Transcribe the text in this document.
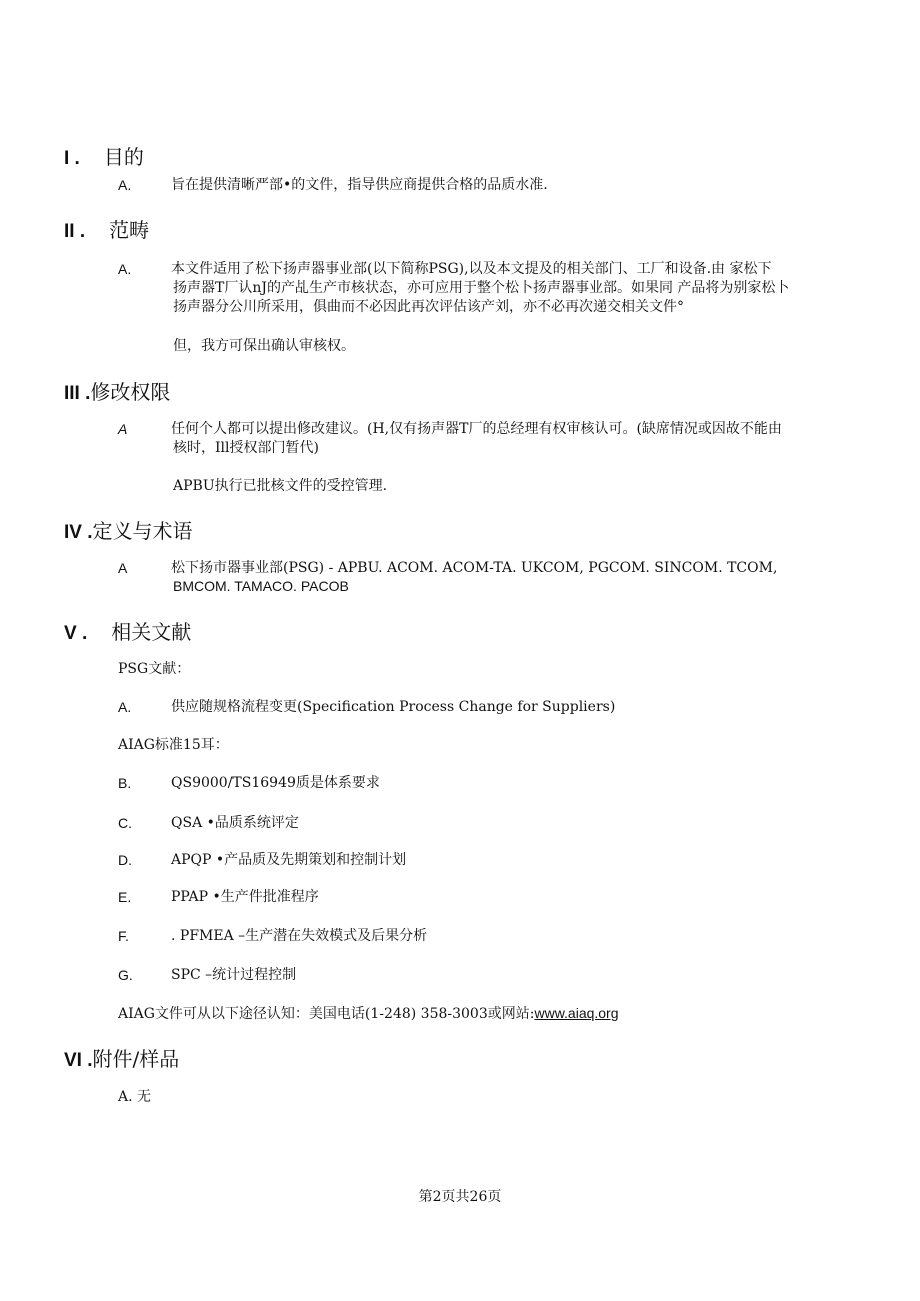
I . 目的
A.	旨在提供清晰严部•的文件，指导供应商提供合格的品质水准.
II . 范畴
A.	本文件适用了松下扬声器事业部(以下简称PSG),以及本文提及的相关部门、工厂和设备.由 家松下
扬声器T厂认nJ的产乩生产市核状态，亦可应用于整个松卜扬声器事业部。如果同 产品将为别家松卜
扬声器分公川所采用，俱曲而不必因此再次评估该产刘，亦不必再次递交相关文件°
但，我方可保出确认审核权。
III . 修改权限
A	任何个人都可以提出修改建议。(H,仅有扬声器T厂的总经理有权审核认可。(缺席情况或因故不能由
核时，Ill授权部门暂代)
APBU执行已批核文件的受控管理.
IV . 定义与术语
A	松下扬市器事业部(PSG) - APBU. ACOM. ACOM-TA. UKCOM, PGCOM. SINCOM. TCOM,
BMCOM. TAMACO. PACOB
V . 相关文献
PSG文献：
A.	供应随规格流程变更(Specification Process Change for Suppliers)
AIAG标准15耳：
B.	QS9000/TS16949质是体系要求
C.	QSA •品质系统评定
D.	APQP •产品质及先期策划和控制计划
E.	PPAP •生产件批准程序
F.	. PFMEA –生产潜在失效模式及后果分析
G.	SPC –统计过程控制
AIAG文件可从以下途径认知：美国电话(1-248) 358-3003或网站:www.aiaq.org
VI . 附件/样品
A. 无
第2页共26页
